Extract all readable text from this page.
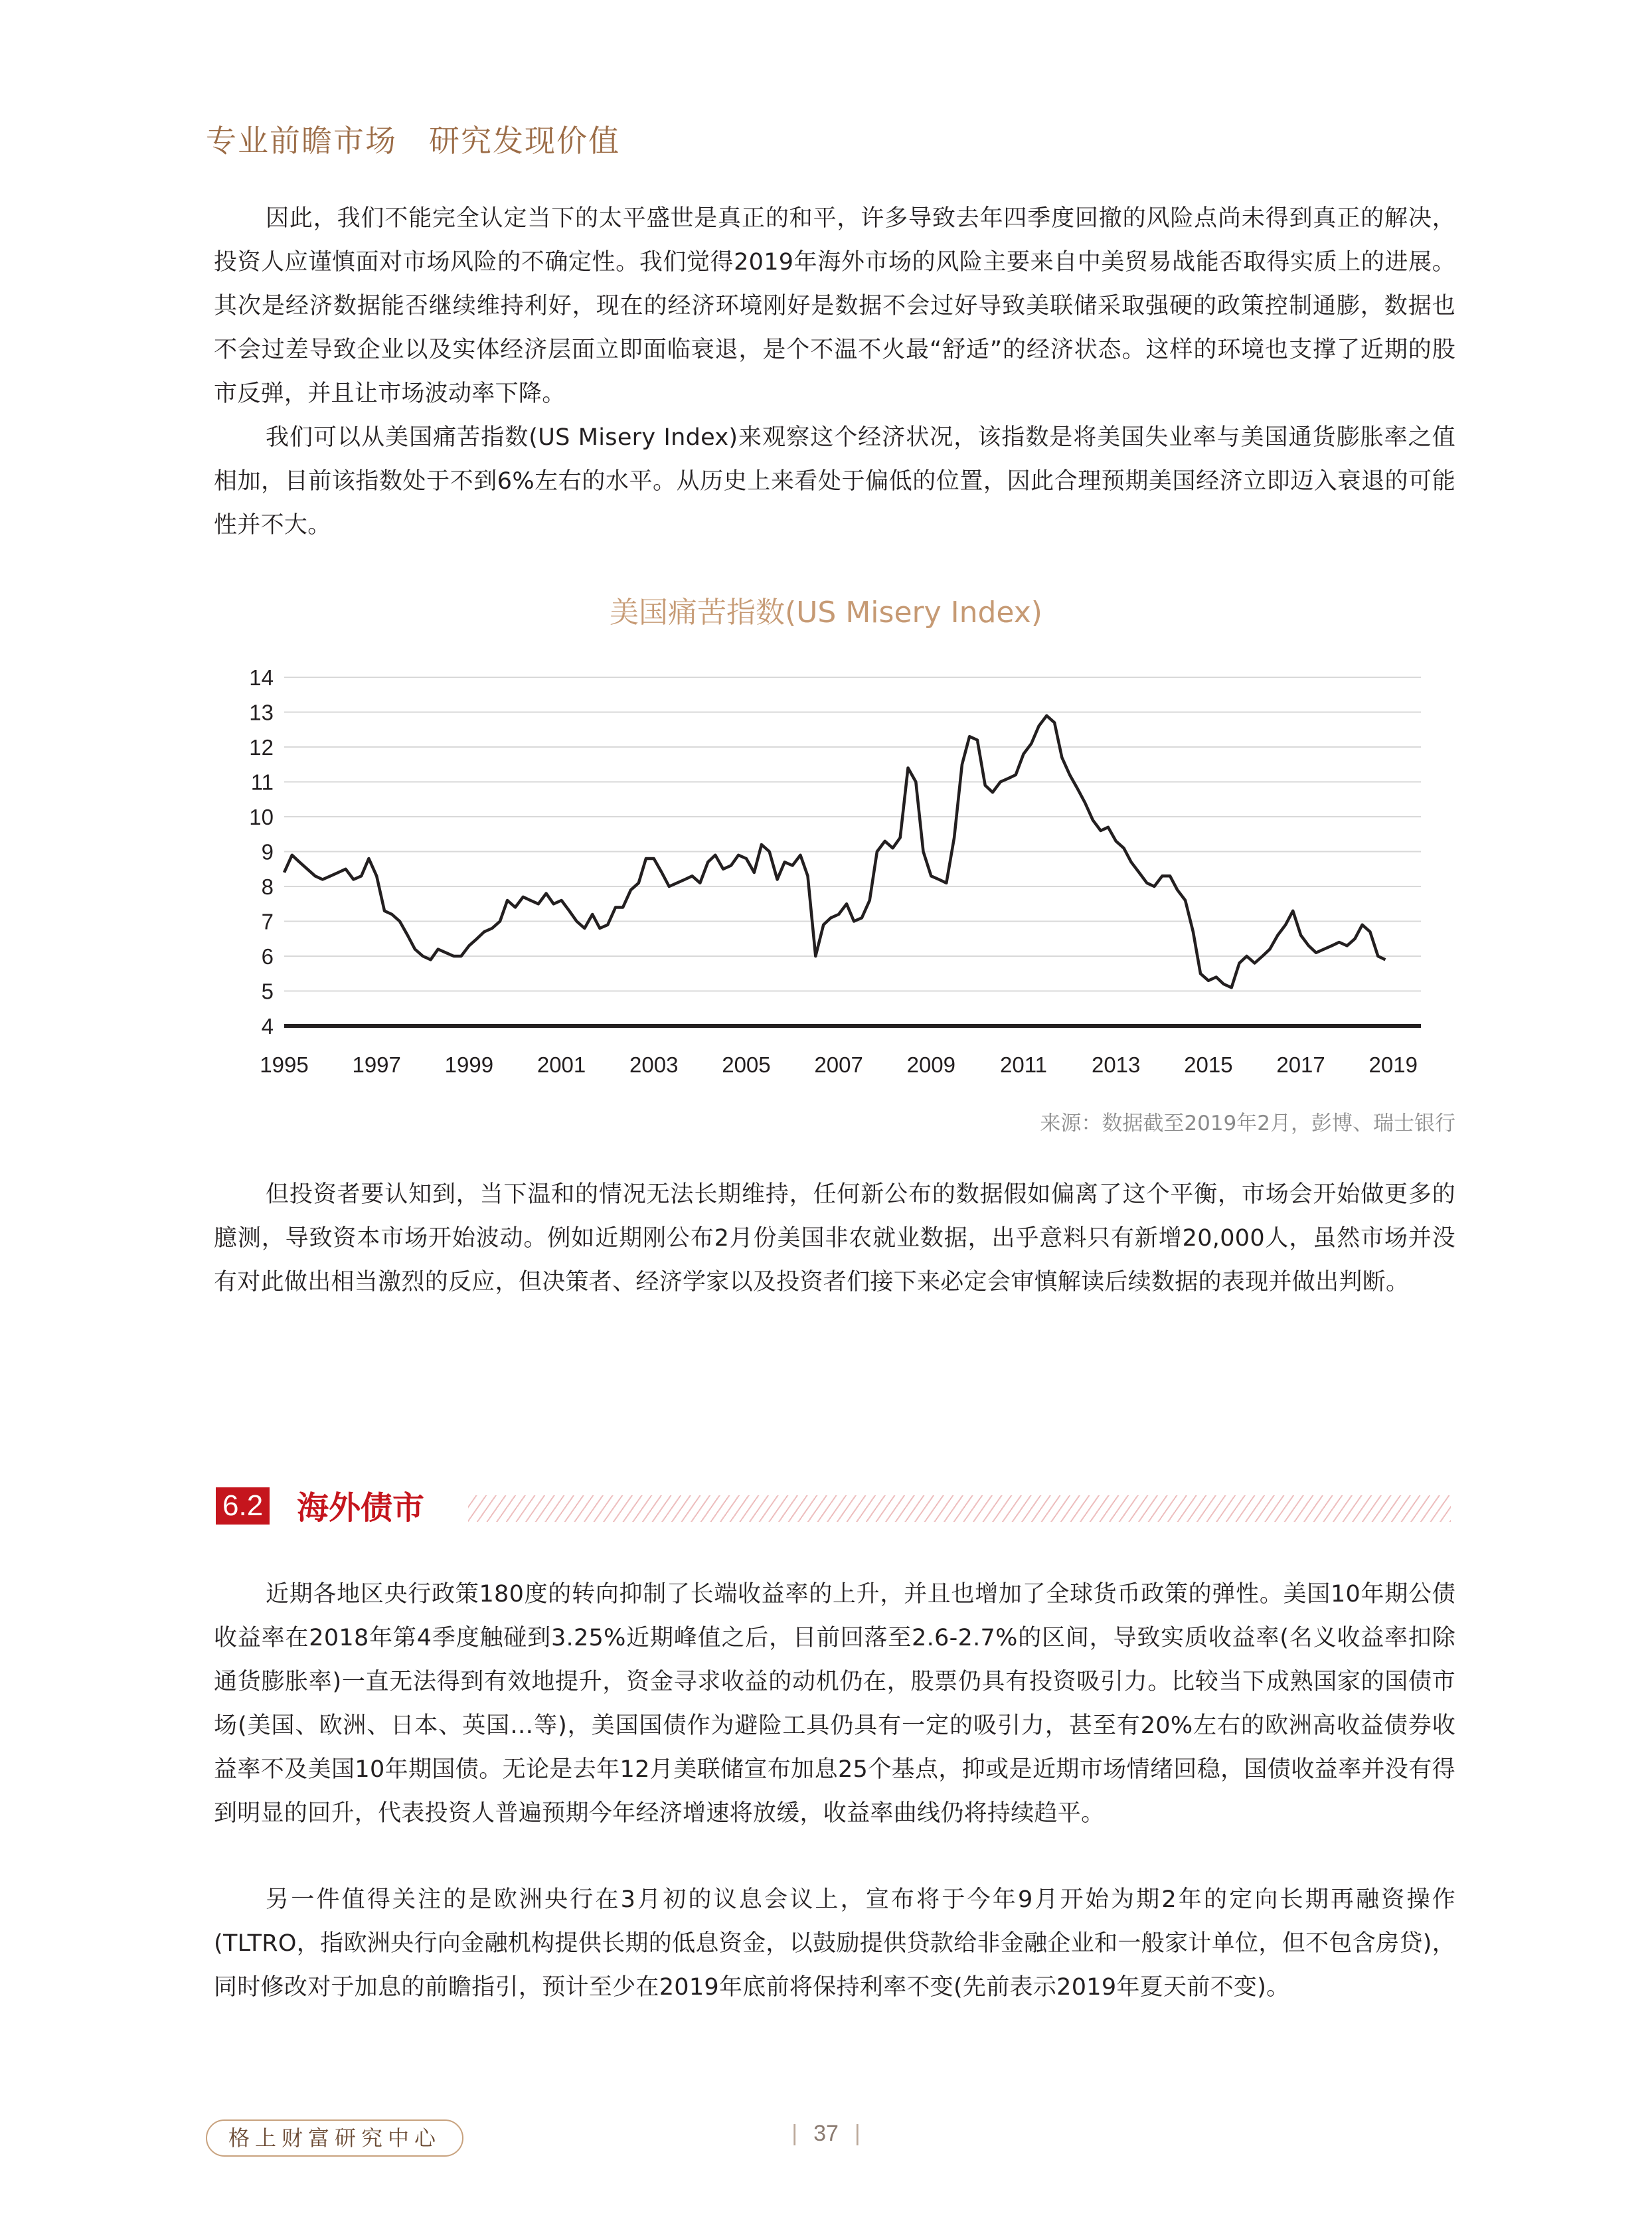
专业前瞻市场　研究发现价值

因此，我们不能完全认定当下的太平盛世是真正的和平，许多导致去年四季度回撤的风险点尚未得到真正的解决，投资人应谨慎面对市场风险的不确定性。我们觉得2019年海外市场的风险主要来自中美贸易战能否取得实质上的进展。其次是经济数据能否继续维持利好，现在的经济环境刚好是数据不会过好导致美联储采取强硬的政策控制通膨，数据也不会过差导致企业以及实体经济层面立即面临衰退，是个不温不火最“舒适”的经济状态。这样的环境也支撑了近期的股市反弹，并且让市场波动率下降。

我们可以从美国痛苦指数(US Misery Index)来观察这个经济状况，该指数是将美国失业率与美国通货膨胀率之值相加，目前该指数处于不到6%左右的水平。从历史上来看处于偏低的位置，因此合理预期美国经济立即迈入衰退的可能性并不大。

美国痛苦指数(US Misery Index)
4
5
6
7
8
9
10
11
12
13
14
1995 1997 1999 2001 2003 2005 2007 2009 2011 2013 2015 2017 2019
来源：数据截至2019年2月，彭博、瑞士银行

但投资者要认知到，当下温和的情况无法长期维持，任何新公布的数据假如偏离了这个平衡，市场会开始做更多的臆测，导致资本市场开始波动。例如近期刚公布2月份美国非农就业数据，出乎意料只有新增20,000人，虽然市场并没有对此做出相当激烈的反应，但决策者、经济学家以及投资者们接下来必定会审慎解读后续数据的表现并做出判断。

6.2 海外债市

近期各地区央行政策180度的转向抑制了长端收益率的上升，并且也增加了全球货币政策的弹性。美国10年期公债收益率在2018年第4季度触碰到3.25%近期峰值之后，目前回落至2.6-2.7%的区间，导致实质收益率(名义收益率扣除通货膨胀率)一直无法得到有效地提升，资金寻求收益的动机仍在，股票仍具有投资吸引力。比较当下成熟国家的国债市场(美国、欧洲、日本、英国…等)，美国国债作为避险工具仍具有一定的吸引力，甚至有20%左右的欧洲高收益债券收益率不及美国10年期国债。无论是去年12月美联储宣布加息25个基点，抑或是近期市场情绪回稳，国债收益率并没有得到明显的回升，代表投资人普遍预期今年经济增速将放缓，收益率曲线仍将持续趋平。

另一件值得关注的是欧洲央行在3月初的议息会议上，宣布将于今年9月开始为期2年的定向长期再融资操作(TLTRO，指欧洲央行向金融机构提供长期的低息资金，以鼓励提供贷款给非金融企业和一般家计单位，但不包含房贷)，同时修改对于加息的前瞻指引，预计至少在2019年底前将保持利率不变(先前表示2019年夏天前不变)。

格上财富研究中心	| 37 |
